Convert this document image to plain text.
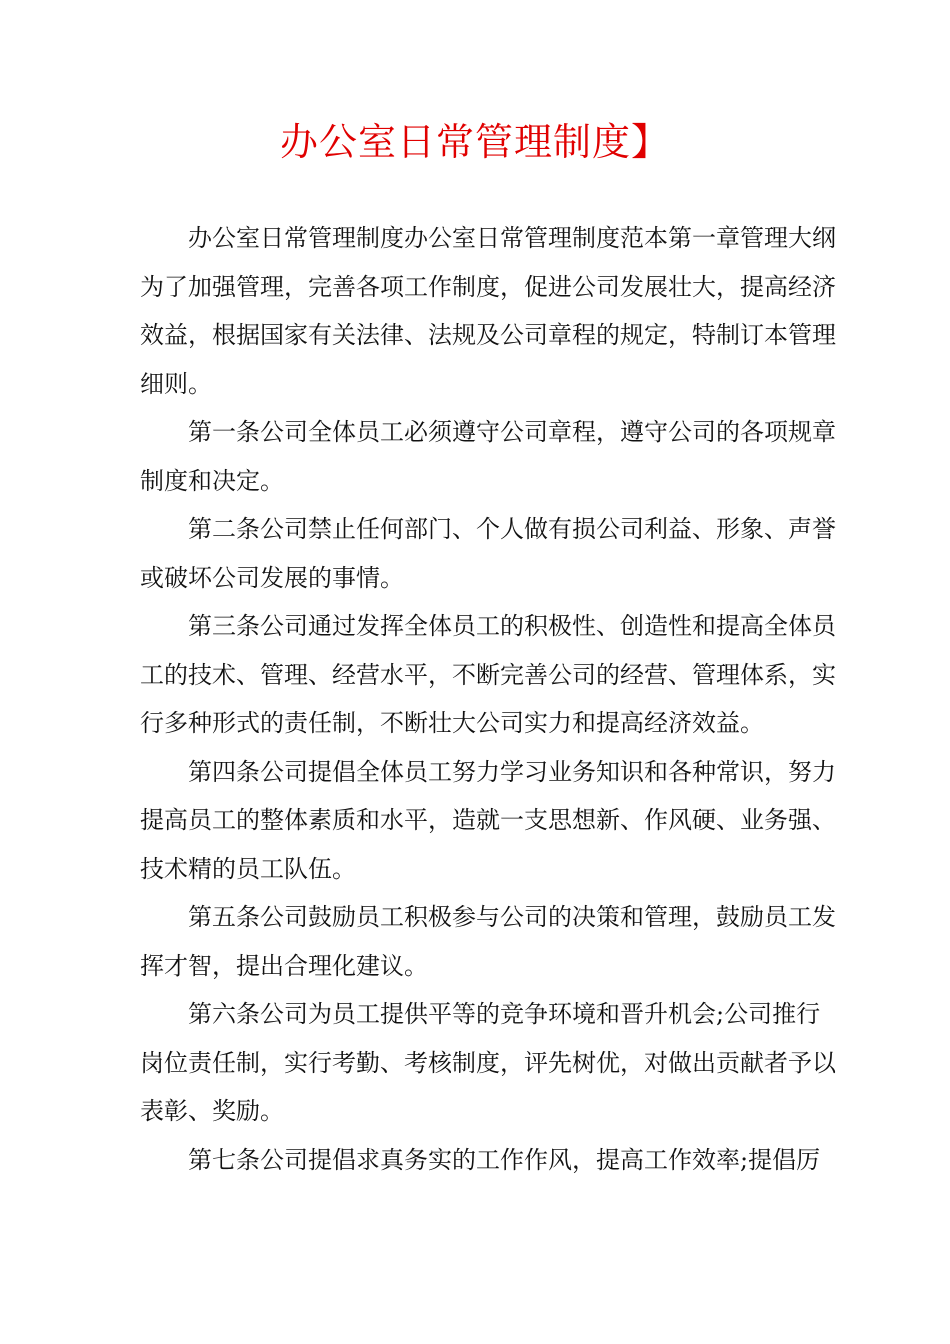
办公室日常管理制度】
办公室日常管理制度办公室日常管理制度范本第一章管理大纲
为了加强管理，完善各项工作制度，促进公司发展壮大，提高经济
效益，根据国家有关法律、法规及公司章程的规定，特制订本管理
细则。
第一条公司全体员工必须遵守公司章程，遵守公司的各项规章
制度和决定。
第二条公司禁止任何部门、个人做有损公司利益、形象、声誉
或破坏公司发展的事情。
第三条公司通过发挥全体员工的积极性、创造性和提高全体员
工的技术、管理、经营水平，不断完善公司的经营、管理体系，实
行多种形式的责任制，不断壮大公司实力和提高经济效益。
第四条公司提倡全体员工努力学习业务知识和各种常识，努力
提高员工的整体素质和水平，造就一支思想新、作风硬、业务强、
技术精的员工队伍。
第五条公司鼓励员工积极参与公司的决策和管理，鼓励员工发
挥才智，提出合理化建议。
第六条公司为员工提供平等的竞争环境和晋升机会;公司推行
岗位责任制，实行考勤、考核制度，评先树优，对做出贡献者予以
表彰、奖励。
第七条公司提倡求真务实的工作作风，提高工作效率;提倡厉
